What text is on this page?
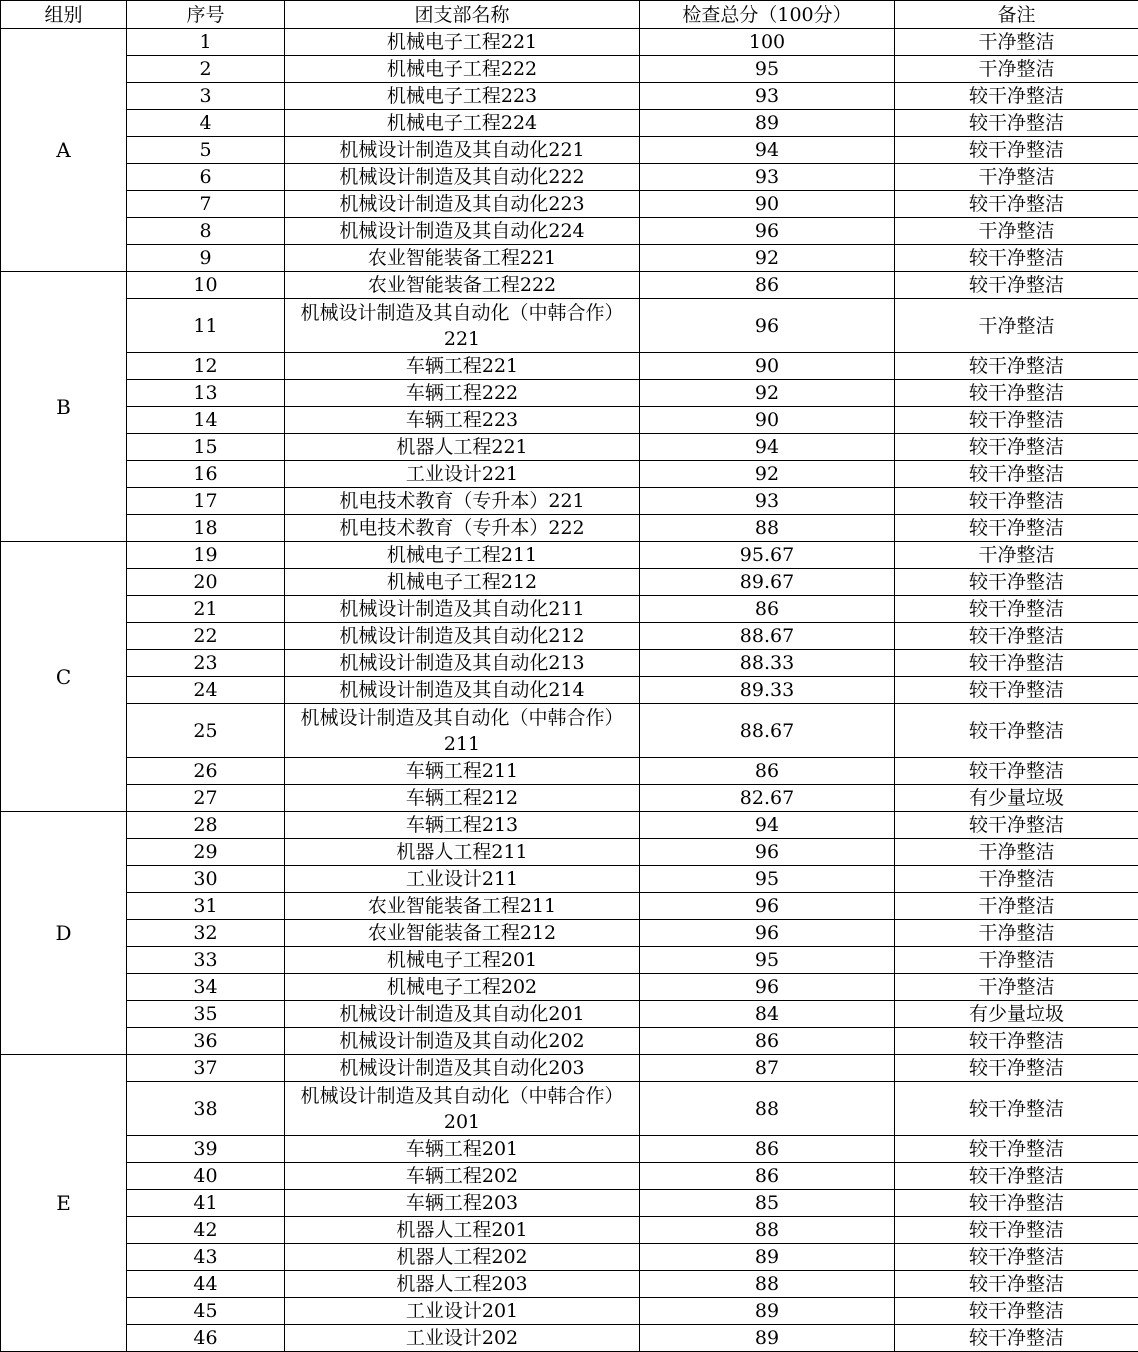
组别	序号	团支部名称	检查总分（100分）	备注
A	1	机械电子工程221	100	干净整洁
	2	机械电子工程222	95	干净整洁
	3	机械电子工程223	93	较干净整洁
	4	机械电子工程224	89	较干净整洁
	5	机械设计制造及其自动化221	94	较干净整洁
	6	机械设计制造及其自动化222	93	干净整洁
	7	机械设计制造及其自动化223	90	较干净整洁
	8	机械设计制造及其自动化224	96	干净整洁
	9	农业智能装备工程221	92	较干净整洁
B	10	农业智能装备工程222	86	较干净整洁
	11	机械设计制造及其自动化（中韩合作）221	96	干净整洁
	12	车辆工程221	90	较干净整洁
	13	车辆工程222	92	较干净整洁
	14	车辆工程223	90	较干净整洁
	15	机器人工程221	94	较干净整洁
	16	工业设计221	92	较干净整洁
	17	机电技术教育（专升本）221	93	较干净整洁
	18	机电技术教育（专升本）222	88	较干净整洁
C	19	机械电子工程211	95.67	干净整洁
	20	机械电子工程212	89.67	较干净整洁
	21	机械设计制造及其自动化211	86	较干净整洁
	22	机械设计制造及其自动化212	88.67	较干净整洁
	23	机械设计制造及其自动化213	88.33	较干净整洁
	24	机械设计制造及其自动化214	89.33	较干净整洁
	25	机械设计制造及其自动化（中韩合作）211	88.67	较干净整洁
	26	车辆工程211	86	较干净整洁
	27	车辆工程212	82.67	有少量垃圾
D	28	车辆工程213	94	较干净整洁
	29	机器人工程211	96	干净整洁
	30	工业设计211	95	干净整洁
	31	农业智能装备工程211	96	干净整洁
	32	农业智能装备工程212	96	干净整洁
	33	机械电子工程201	95	干净整洁
	34	机械电子工程202	96	干净整洁
	35	机械设计制造及其自动化201	84	有少量垃圾
	36	机械设计制造及其自动化202	86	较干净整洁
E	37	机械设计制造及其自动化203	87	较干净整洁
	38	机械设计制造及其自动化（中韩合作）201	88	较干净整洁
	39	车辆工程201	86	较干净整洁
	40	车辆工程202	86	较干净整洁
	41	车辆工程203	85	较干净整洁
	42	机器人工程201	88	较干净整洁
	43	机器人工程202	89	较干净整洁
	44	机器人工程203	88	较干净整洁
	45	工业设计201	89	较干净整洁
	46	工业设计202	89	较干净整洁
